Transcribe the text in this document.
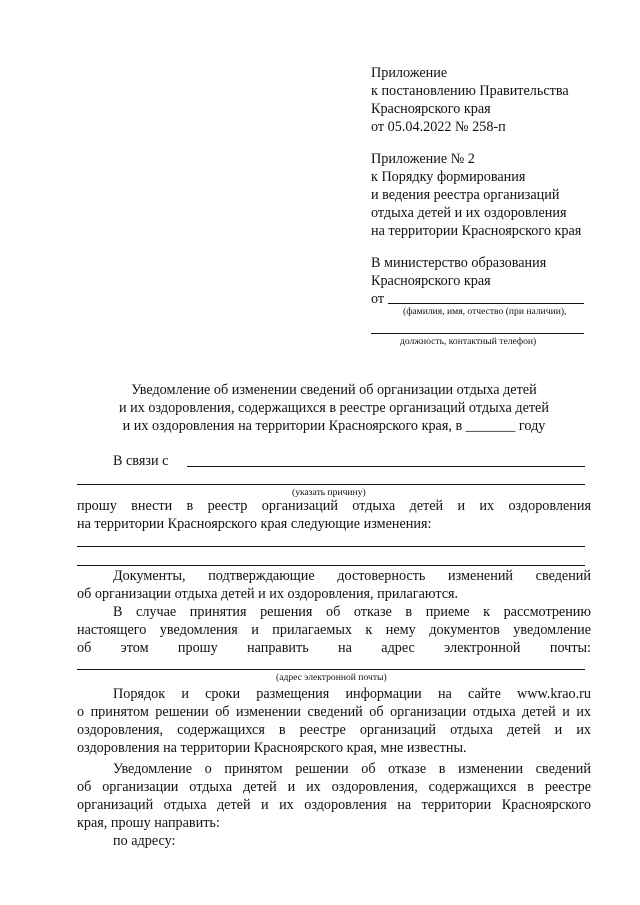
Приложение
к постановлению Правительства
Красноярского края
от 05.04.2022 № 258-п
Приложение № 2
к Порядку формирования
и ведения реестра организаций
отдыха детей и их оздоровления
на территории Красноярского края
В министерство образования
Красноярского края
от
(фамилия, имя, отчество (при наличии),
должность, контактный телефон)
Уведомление об изменении сведений об организации отдыха детей
и их оздоровления, содержащихся в реестре организаций отдыха детей
и их оздоровления на территории Красноярского края, в _______ году
В связи с
(указать причину)
прошу внести в реестр организаций отдыха детей и их оздоровления
на территории Красноярского края следующие изменения:
Документы, подтверждающие достоверность изменений сведений
об организации отдыха детей и их оздоровления, прилагаются.
В случае принятия решения об отказе в приеме к рассмотрению
настоящего уведомления и прилагаемых к нему документов уведомление
об этом прошу направить на адрес электронной почты:
(адрес электронной почты)
Порядок и сроки размещения информации на сайте www.krao.ru
о принятом решении об изменении сведений об организации отдыха детей и их
оздоровления, содержащихся в реестре организаций отдыха детей и их
оздоровления на территории Красноярского края, мне известны.
Уведомление о принятом решении об отказе в изменении сведений
об организации отдыха детей и их оздоровления, содержащихся в реестре
организаций отдыха детей и их оздоровления на территории Красноярского
края, прошу направить:
по адресу:
